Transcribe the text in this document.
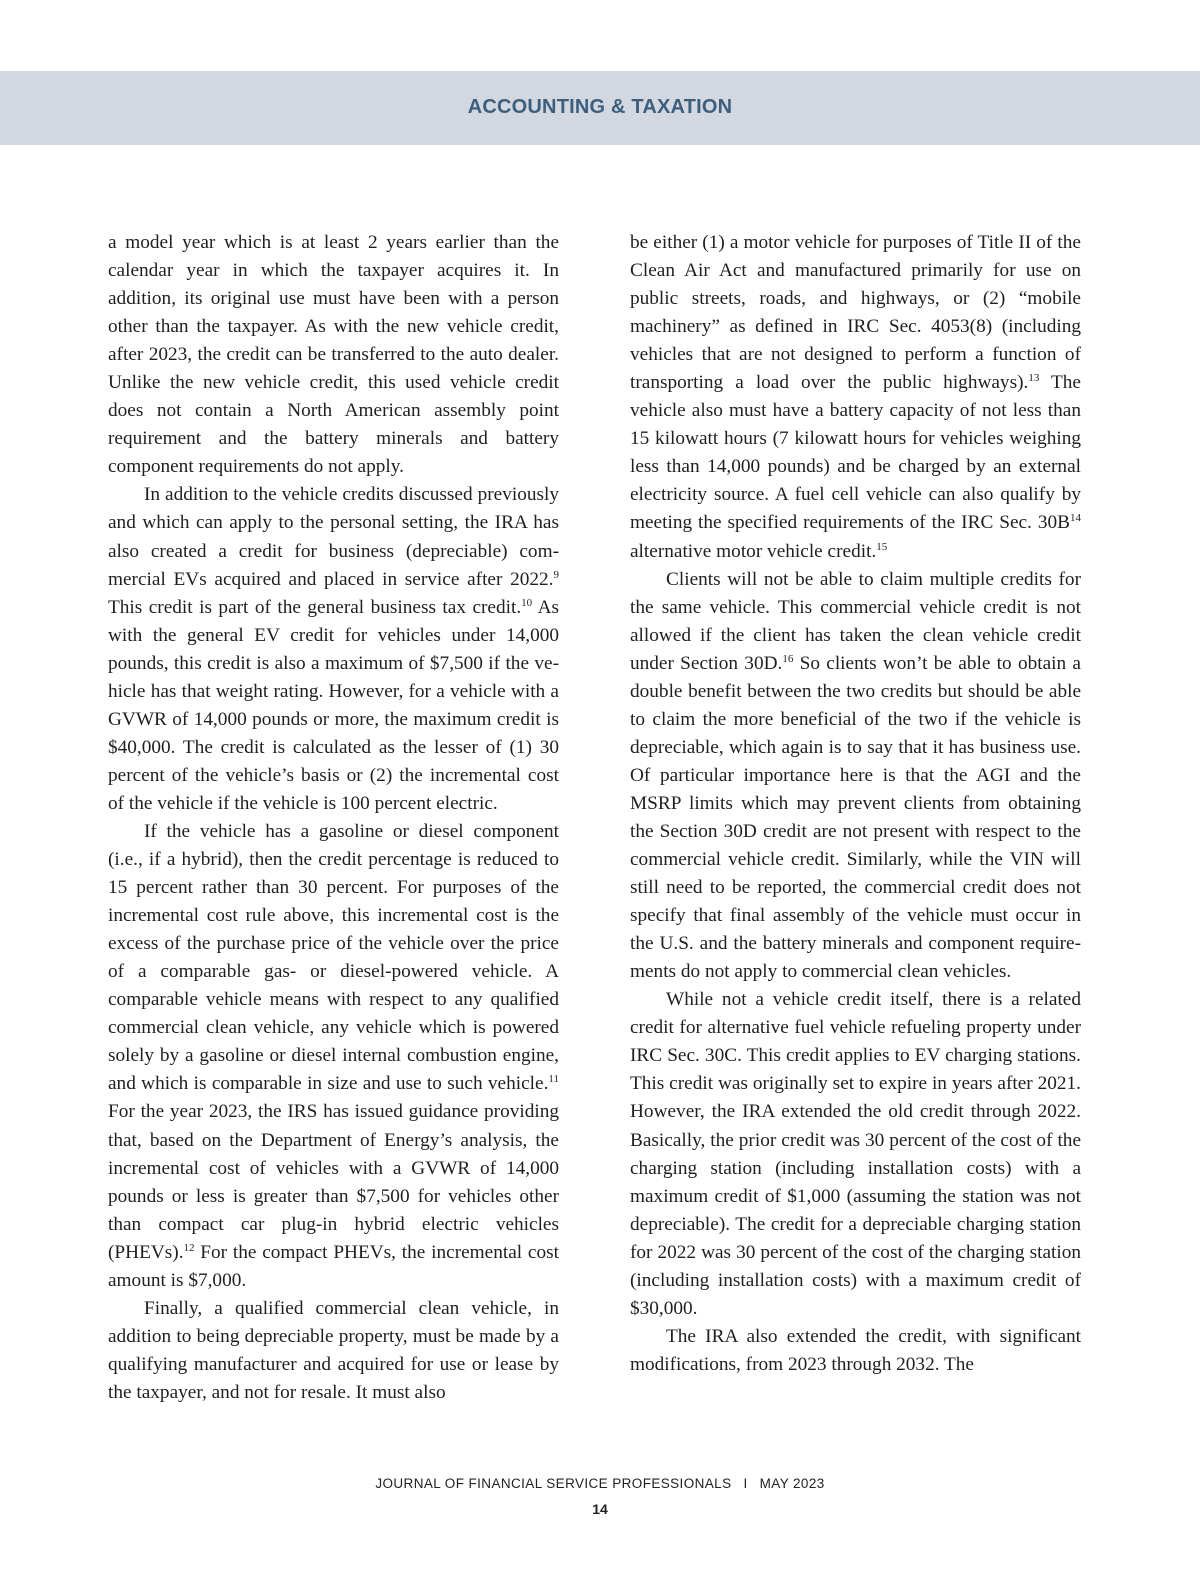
ACCOUNTING & TAXATION

a model year which is at least 2 years earlier than the calendar year in which the taxpayer acquires it. In addition, its original use must have been with a person other than the taxpayer. As with the new vehicle credit, after 2023, the credit can be transferred to the auto dealer. Unlike the new vehicle credit, this used vehicle credit does not contain a North American assembly point requirement and the battery minerals and battery component requirements do not apply.

In addition to the vehicle credits discussed previously and which can apply to the personal setting, the IRA has also created a credit for business (depreciable) commercial EVs acquired and placed in service after 2022.$^9$ This credit is part of the general business tax credit.$^{10}$ As with the general EV credit for vehicles under 14,000 pounds, this credit is also a maximum of $7,500 if the vehicle has that weight rating. However, for a vehicle with a GVWR of 14,000 pounds or more, the maximum credit is $40,000. The credit is calculated as the lesser of (1) 30 percent of the vehicle’s basis or (2) the incremental cost of the vehicle if the vehicle is 100 percent electric.

If the vehicle has a gasoline or diesel component (i.e., if a hybrid), then the credit percentage is reduced to 15 percent rather than 30 percent. For purposes of the incremental cost rule above, this incremental cost is the excess of the purchase price of the vehicle over the price of a comparable gas- or diesel-powered vehicle. A comparable vehicle means with respect to any qualified commercial clean vehicle, any vehicle which is powered solely by a gasoline or diesel internal combustion engine, and which is comparable in size and use to such vehicle.$^{11}$ For the year 2023, the IRS has issued guidance providing that, based on the Department of Energy’s analysis, the incremental cost of vehicles with a GVWR of 14,000 pounds or less is greater than $7,500 for vehicles other than compact car plug-in hybrid electric vehicles (PHEVs).$^{12}$ For the compact PHEVs, the incremental cost amount is $7,000.

Finally, a qualified commercial clean vehicle, in addition to being depreciable property, must be made by a qualifying manufacturer and acquired for use or lease by the taxpayer, and not for resale. It must also

be either (1) a motor vehicle for purposes of Title II of the Clean Air Act and manufactured primarily for use on public streets, roads, and highways, or (2) “mobile machinery” as defined in IRC Sec. 4053(8) (including vehicles that are not designed to perform a function of transporting a load over the public highways).$^{13}$ The vehicle also must have a battery capacity of not less than 15 kilowatt hours (7 kilowatt hours for vehicles weighing less than 14,000 pounds) and be charged by an external electricity source. A fuel cell vehicle can also qualify by meeting the specified requirements of the IRC Sec. $30B^{14}$ alternative motor vehicle credit.$^{15}$

Clients will not be able to claim multiple credits for the same vehicle. This commercial vehicle credit is not allowed if the client has taken the clean vehicle credit under Section 30D.$^{16}$ So clients won’t be able to obtain a double benefit between the two credits but should be able to claim the more beneficial of the two if the vehicle is depreciable, which again is to say that it has business use. Of particular importance here is that the AGI and the MSRP limits which may prevent clients from obtaining the Section 30D credit are not present with respect to the commercial vehicle credit. Similarly, while the VIN will still need to be reported, the commercial credit does not specify that final assembly of the vehicle must occur in the U.S. and the battery minerals and component requirements do not apply to commercial clean vehicles.

While not a vehicle credit itself, there is a related credit for alternative fuel vehicle refueling property under IRC Sec. 30C. This credit applies to EV charging stations. This credit was originally set to expire in years after 2021. However, the IRA extended the old credit through 2022. Basically, the prior credit was 30 percent of the cost of the charging station (including installation costs) with a maximum credit of $1,000 (assuming the station was not depreciable). The credit for a depreciable charging station for 2022 was 30 percent of the cost of the charging station (including installation costs) with a maximum credit of $30,000.

The IRA also extended the credit, with significant modifications, from 2023 through 2032. The

JOURNAL OF FINANCIAL SERVICE PROFESSIONALS I MAY 2023
14
